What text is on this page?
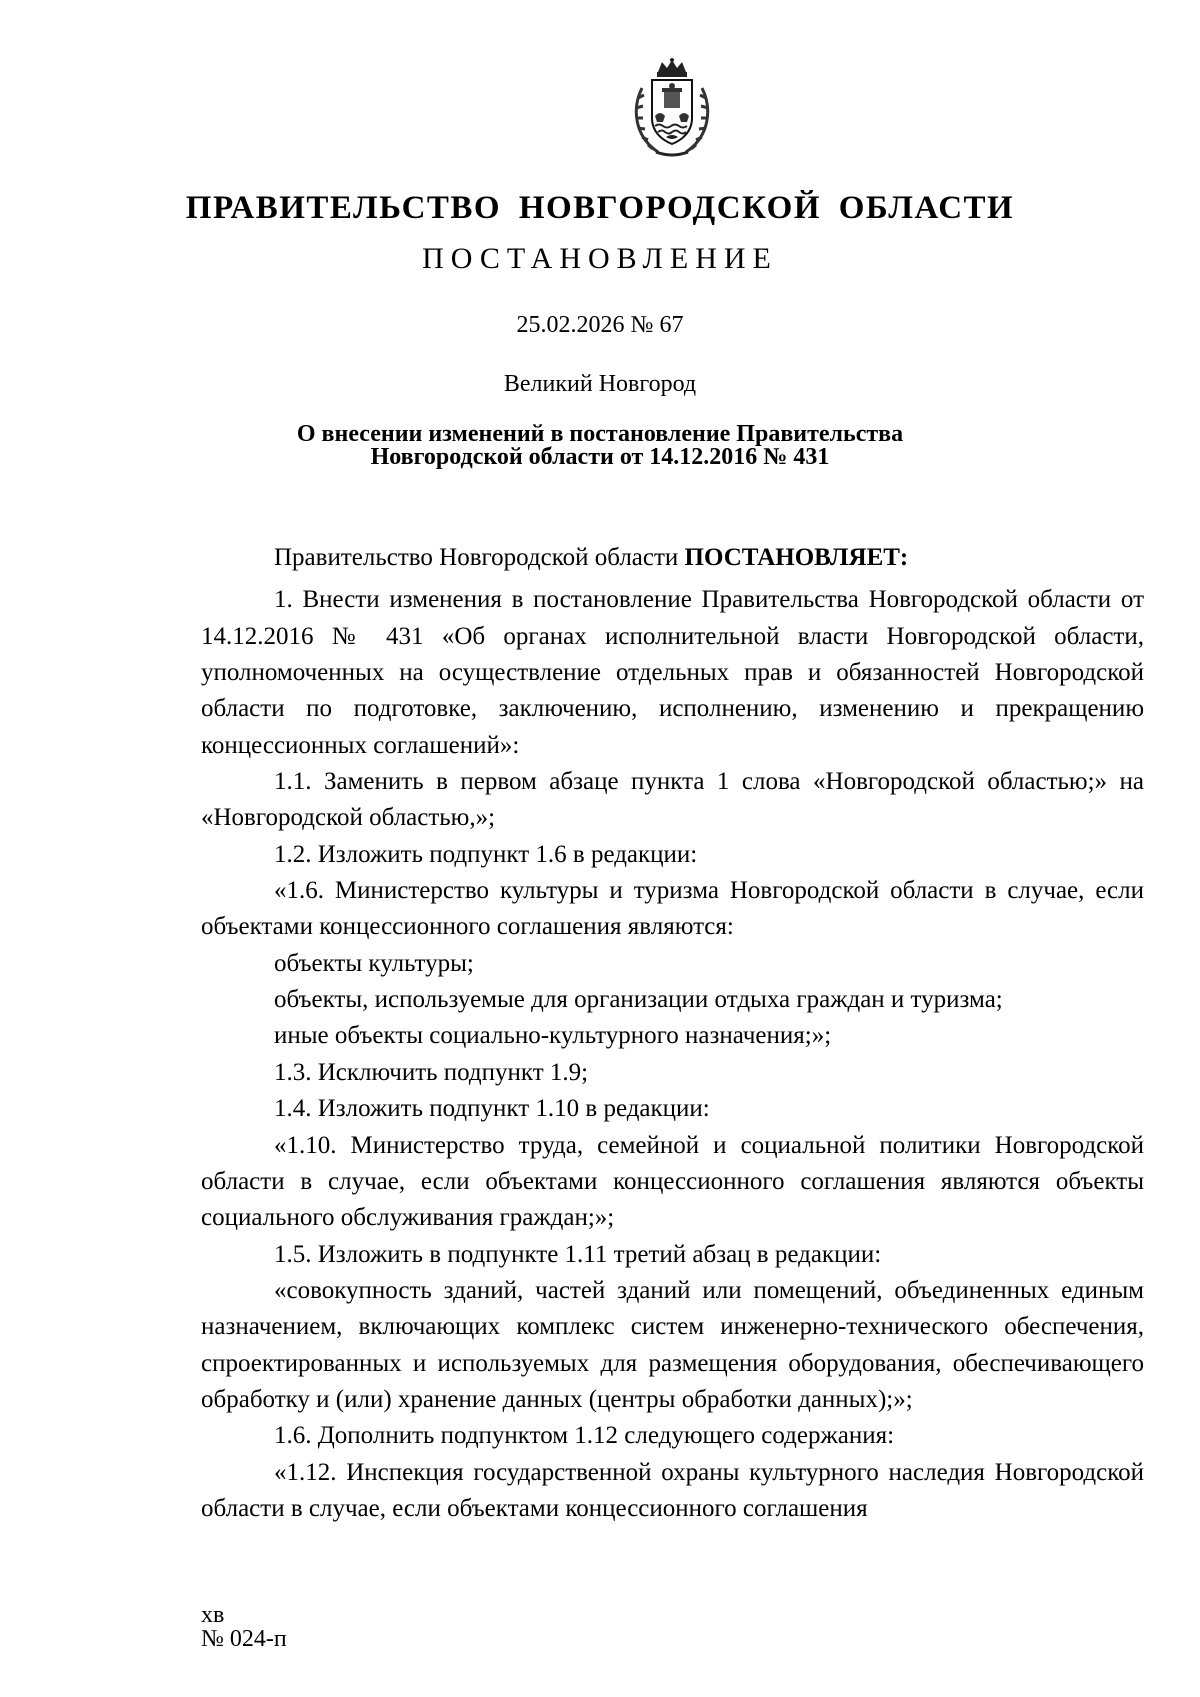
ПРАВИТЕЛЬСТВО НОВГОРОДСКОЙ ОБЛАСТИ
ПОСТАНОВЛЕНИЕ
25.02.2026 № 67
Великий Новгород
О внесении изменений в постановление Правительства
Новгородской области от 14.12.2016 № 431

Правительство Новгородской области ПОСТАНОВЛЯЕТ:

1. Внести изменения в постановление Правительства Новгородской области от 14.12.2016 № 431 «Об органах исполнительной власти Новгородской области, уполномоченных на осуществление отдельных прав и обязанностей Новгородской области по подготовке, заключению, исполнению, изменению и прекращению концессионных соглашений»:

1.1. Заменить в первом абзаце пункта 1 слова «Новгородской областью;» на «Новгородской областью,»;

1.2. Изложить подпункт 1.6 в редакции:

«1.6. Министерство культуры и туризма Новгородской области в случае, если объектами концессионного соглашения являются:

объекты культуры;

объекты, используемые для организации отдыха граждан и туризма;

иные объекты социально-культурного назначения;»;

1.3. Исключить подпункт 1.9;

1.4. Изложить подпункт 1.10 в редакции:

«1.10. Министерство труда, семейной и социальной политики Новгородской области в случае, если объектами концессионного соглашения являются объекты социального обслуживания граждан;»;

1.5. Изложить в подпункте 1.11 третий абзац в редакции:

«совокупность зданий, частей зданий или помещений, объединенных единым назначением, включающих комплекс систем инженерно-технического обеспечения, спроектированных и используемых для размещения оборудования, обеспечивающего обработку и (или) хранение данных (центры обработки данных);»;

1.6. Дополнить подпунктом 1.12 следующего содержания:

«1.12. Инспекция государственной охраны культурного наследия Новгородской области в случае, если объектами концессионного соглашения

хв
№ 024-п
